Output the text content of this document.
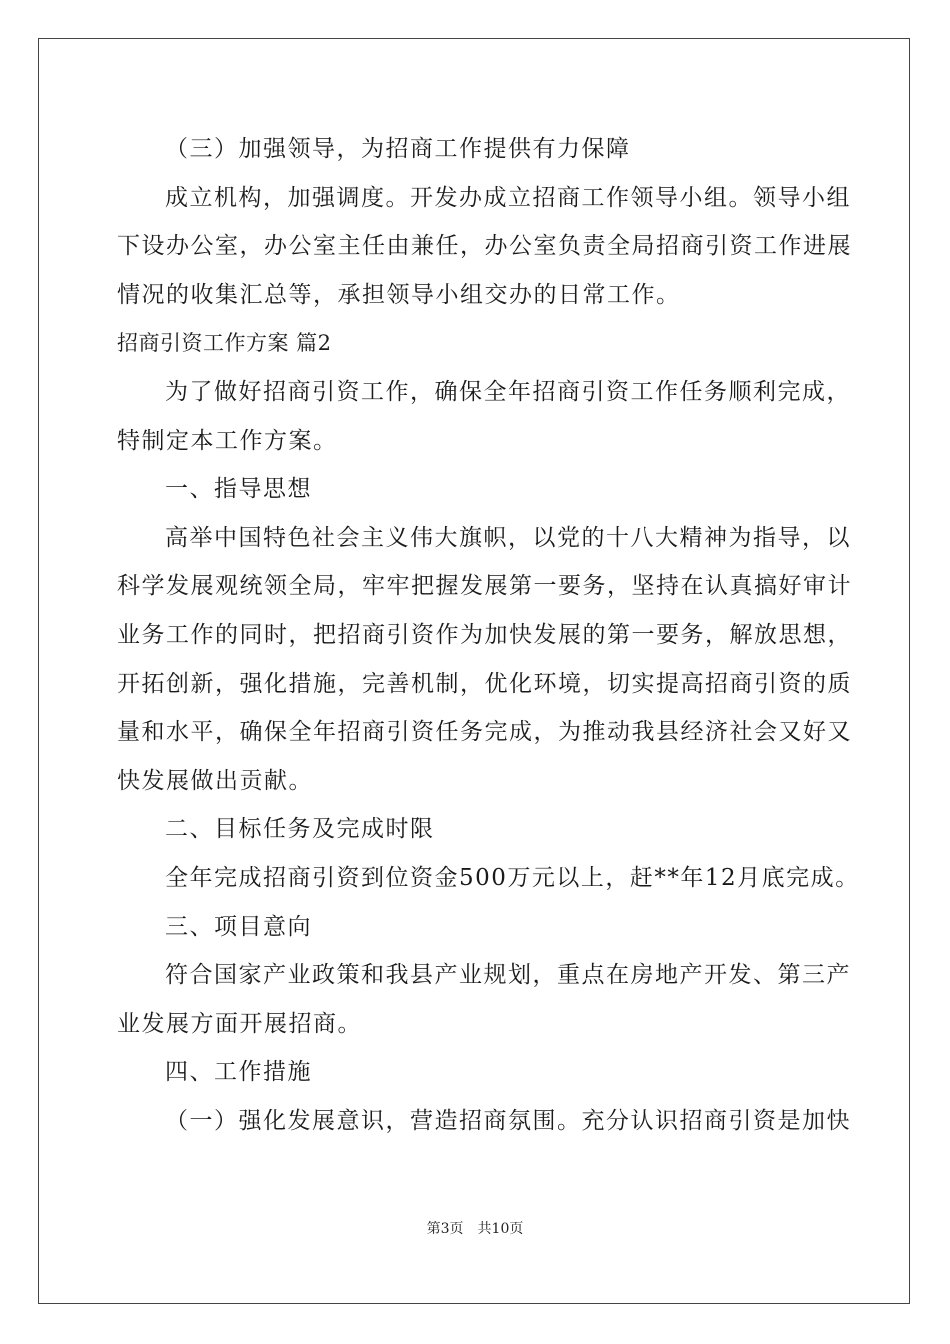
（三）加强领导，为招商工作提供有力保障
成立机构，加强调度。开发办成立招商工作领导小组。领导小组
下设办公室，办公室主任由兼任，办公室负责全局招商引资工作进展
情况的收集汇总等，承担领导小组交办的日常工作。
招商引资工作方案 篇2
为了做好招商引资工作，确保全年招商引资工作任务顺利完成，
特制定本工作方案。
一、指导思想
高举中国特色社会主义伟大旗帜，以党的十八大精神为指导，以
科学发展观统领全局，牢牢把握发展第一要务，坚持在认真搞好审计
业务工作的同时，把招商引资作为加快发展的第一要务，解放思想，
开拓创新，强化措施，完善机制，优化环境，切实提高招商引资的质
量和水平，确保全年招商引资任务完成，为推动我县经济社会又好又
快发展做出贡献。
二、目标任务及完成时限
全年完成招商引资到位资金500万元以上，赶**年12月底完成。
三、项目意向
符合国家产业政策和我县产业规划，重点在房地产开发、第三产
业发展方面开展招商。
四、工作措施
（一）强化发展意识，营造招商氛围。充分认识招商引资是加快
第3页 共10页
